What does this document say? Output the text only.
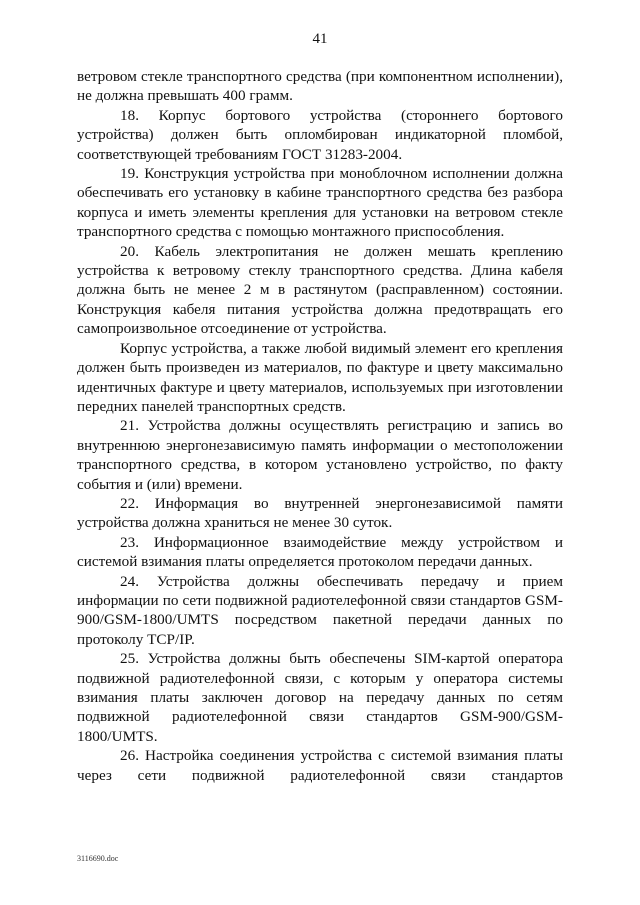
41

ветровом стекле транспортного средства (при компонентном исполнении), не должна превышать 400 грамм.

18. Корпус бортового устройства (стороннего бортового устройства) должен быть опломбирован индикаторной пломбой, соответствующей требованиям ГОСТ 31283-2004.

19. Конструкция устройства при моноблочном исполнении должна обеспечивать его установку в кабине транспортного средства без разбора корпуса и иметь элементы крепления для установки на ветровом стекле транспортного средства с помощью монтажного приспособления.

20. Кабель электропитания не должен мешать креплению устройства к ветровому стеклу транспортного средства. Длина кабеля должна быть не менее 2 м в растянутом (расправленном) состоянии. Конструкция кабеля питания устройства должна предотвращать его самопроизвольное отсоединение от устройства.

Корпус устройства, а также любой видимый элемент его крепления должен быть произведен из материалов, по фактуре и цвету максимально идентичных фактуре и цвету материалов, используемых при изготовлении передних панелей транспортных средств.

21. Устройства должны осуществлять регистрацию и запись во внутреннюю энергонезависимую память информации о местоположении транспортного средства, в котором установлено устройство, по факту события и (или) времени.

22. Информация во внутренней энергонезависимой памяти устройства должна храниться не менее 30 суток.

23. Информационное взаимодействие между устройством и системой взимания платы определяется протоколом передачи данных.

24. Устройства должны обеспечивать передачу и прием информации по сети подвижной радиотелефонной связи стандартов GSM-900/GSM-1800/UMTS посредством пакетной передачи данных по протоколу TCP/IP.

25. Устройства должны быть обеспечены SIM-картой оператора подвижной радиотелефонной связи, с которым у оператора системы взимания платы заключен договор на передачу данных по сетям подвижной радиотелефонной связи стандартов GSM-900/GSM-1800/UMTS.

26. Настройка соединения устройства с системой взимания платы через сети подвижной радиотелефонной связи стандартов

3116690.doc
